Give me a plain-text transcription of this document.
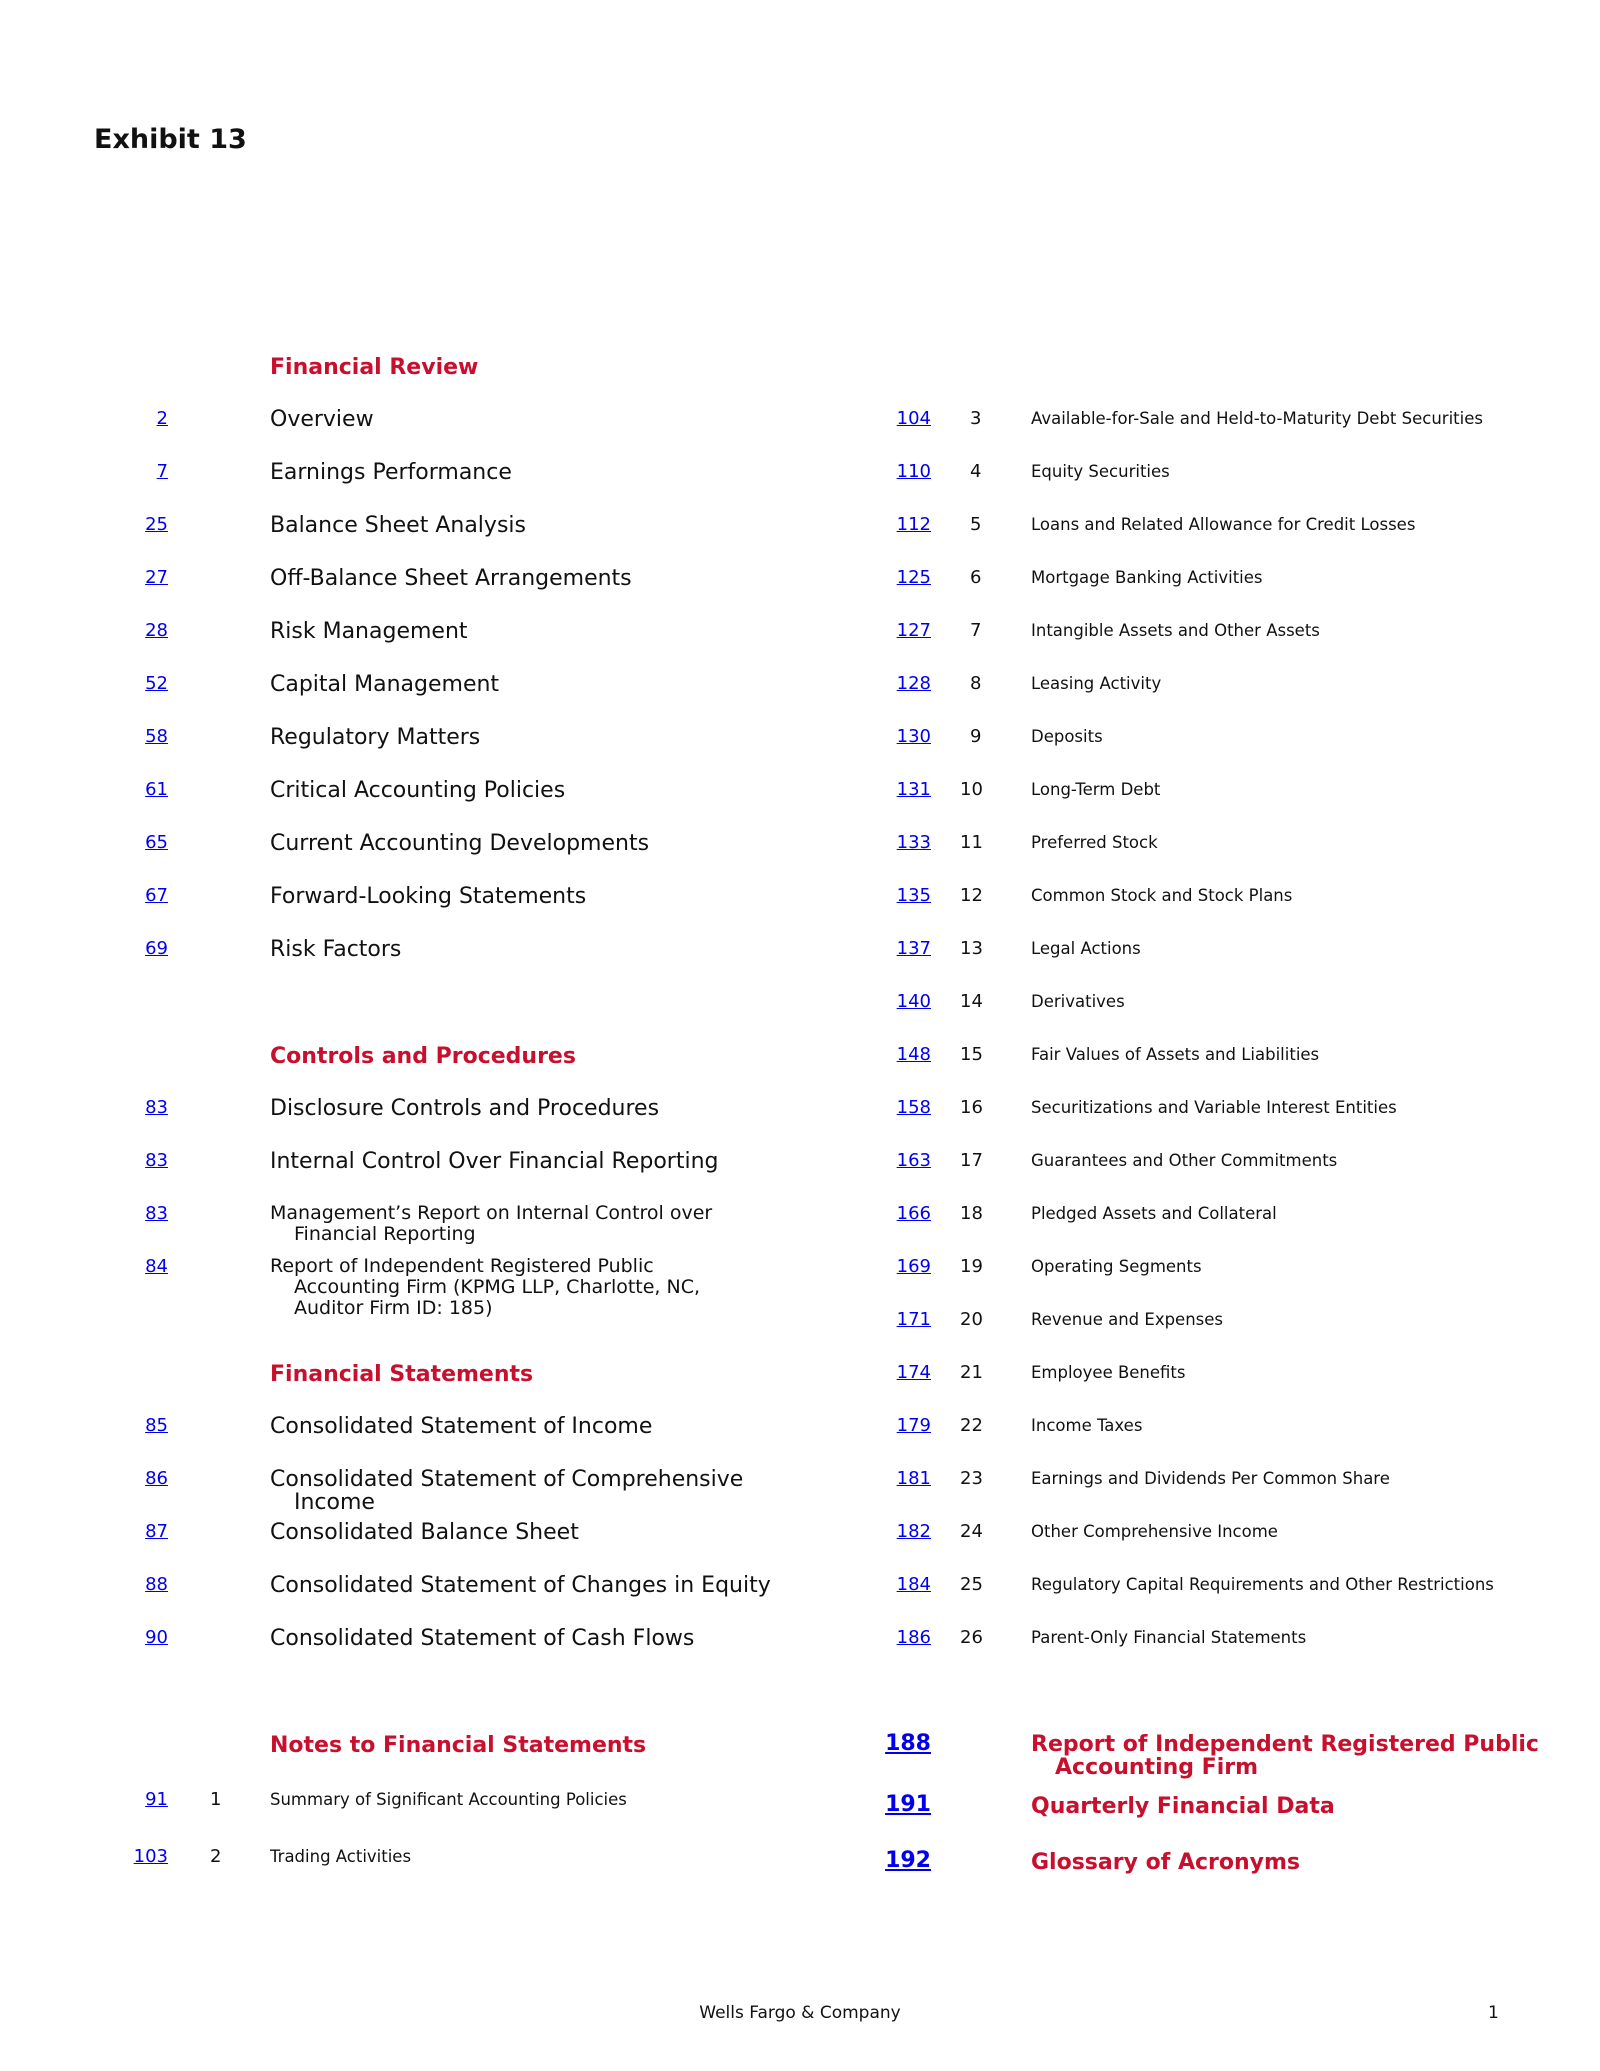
Exhibit 13
Financial Review
2	Overview
7	Earnings Performance
25	Balance Sheet Analysis
27	Off-Balance Sheet Arrangements
28	Risk Management
52	Capital Management
58	Regulatory Matters
61	Critical Accounting Policies
65	Current Accounting Developments
67	Forward-Looking Statements
69	Risk Factors
Controls and Procedures
83	Disclosure Controls and Procedures
83	Internal Control Over Financial Reporting
83	Management’s Report on Internal Control over
Financial Reporting
84	Report of Independent Registered Public
Accounting Firm (KPMG LLP, Charlotte, NC,
Auditor Firm ID: 185)
Financial Statements
85	Consolidated Statement of Income
86	Consolidated Statement of Comprehensive
Income
87	Consolidated Balance Sheet
88	Consolidated Statement of Changes in Equity
90	Consolidated Statement of Cash Flows
Notes to Financial Statements
91 1	Summary of Significant Accounting Policies
103 2	Trading Activities
104 3	Available-for-Sale and Held-to-Maturity Debt Securities
110 4	Equity Securities
112 5	Loans and Related Allowance for Credit Losses
125 6	Mortgage Banking Activities
127 7	Intangible Assets and Other Assets
128 8	Leasing Activity
130 9	Deposits
131 10	Long-Term Debt
133 11	Preferred Stock
135 12	Common Stock and Stock Plans
137 13	Legal Actions
140 14	Derivatives
148 15	Fair Values of Assets and Liabilities
158 16	Securitizations and Variable Interest Entities
163 17	Guarantees and Other Commitments
166 18	Pledged Assets and Collateral
169 19	Operating Segments
171 20	Revenue and Expenses
174 21	Employee Benefits
179 22	Income Taxes
181 23	Earnings and Dividends Per Common Share
182 24	Other Comprehensive Income
184 25	Regulatory Capital Requirements and Other Restrictions
186 26	Parent-Only Financial Statements
188	Report of Independent Registered Public
Accounting Firm
191	Quarterly Financial Data
192	Glossary of Acronyms
Wells Fargo & Company	1
